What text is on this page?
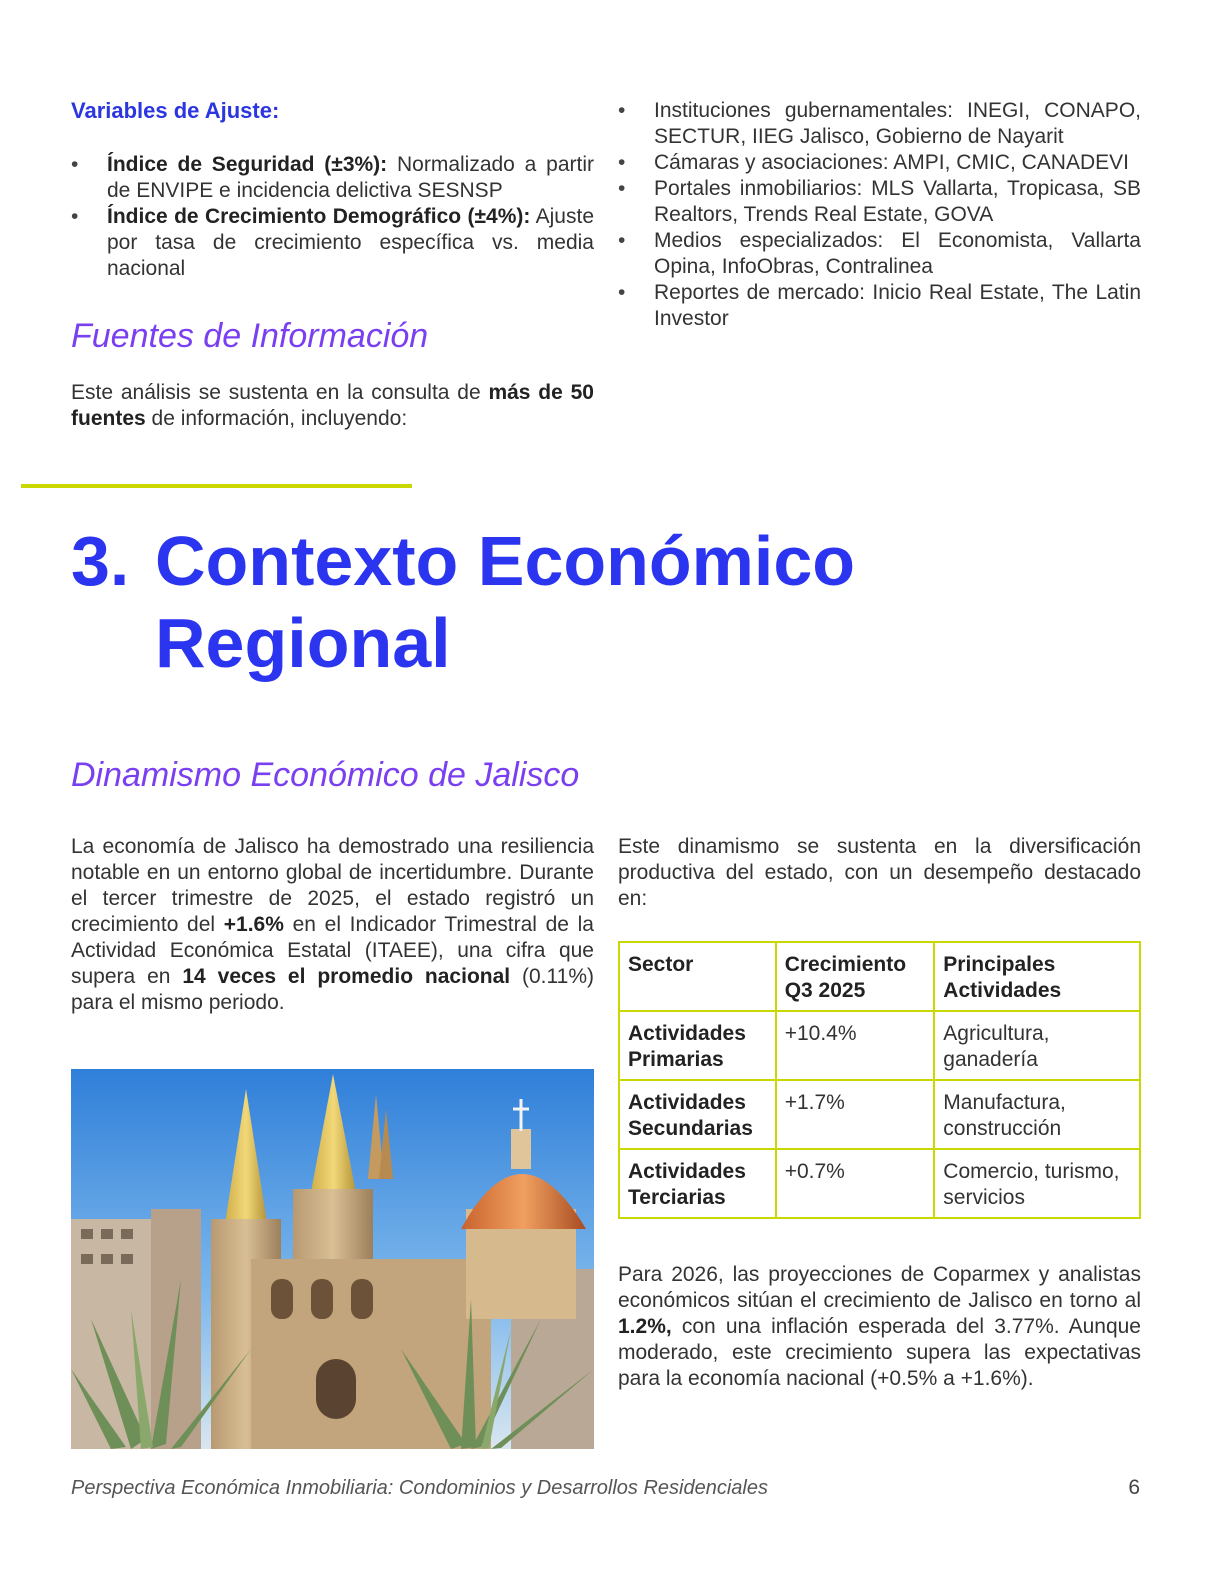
Variables de Ajuste:
• Índice de Seguridad (±3%): Normalizado a partir de ENVIPE e incidencia delictiva SESNSP
• Índice de Crecimiento Demográfico (±4%): Ajuste por tasa de crecimiento específica vs. media nacional
Fuentes de Información
Este análisis se sustenta en la consulta de más de 50 fuentes de información, incluyendo:
• Instituciones gubernamentales: INEGI, CONAPO, SECTUR, IIEG Jalisco, Gobierno de Nayarit
• Cámaras y asociaciones: AMPI, CMIC, CANADEVI
• Portales inmobiliarios: MLS Vallarta, Tropicasa, SB Realtors, Trends Real Estate, GOVA
• Medios especializados: El Economista, Vallarta Opina, InfoObras, Contralinea
• Reportes de mercado: Inicio Real Estate, The Latin Investor
3. Contexto Económico
Regional
Dinamismo Económico de Jalisco
La economía de Jalisco ha demostrado una resiliencia notable en un entorno global de incertidumbre. Durante el tercer trimestre de 2025, el estado registró un crecimiento del +1.6% en el Indicador Trimestral de la Actividad Económica Estatal (ITAEE), una cifra que supera en 14 veces el promedio nacional (0.11%) para el mismo periodo.
Este dinamismo se sustenta en la diversificación productiva del estado, con un desempeño destacado en:
Sector	Crecimiento Q3 2025	Principales Actividades
Actividades Primarias	+10.4%	Agricultura, ganadería
Actividades Secundarias	+1.7%	Manufactura, construcción
Actividades Terciarias	+0.7%	Comercio, turismo, servicios
Para 2026, las proyecciones de Coparmex y analistas económicos sitúan el crecimiento de Jalisco en torno al 1.2%, con una inflación esperada del 3.77%. Aunque moderado, este crecimiento supera las expectativas para la economía nacional (+0.5% a +1.6%).
Perspectiva Económica Inmobiliaria: Condominios y Desarrollos Residenciales	6
